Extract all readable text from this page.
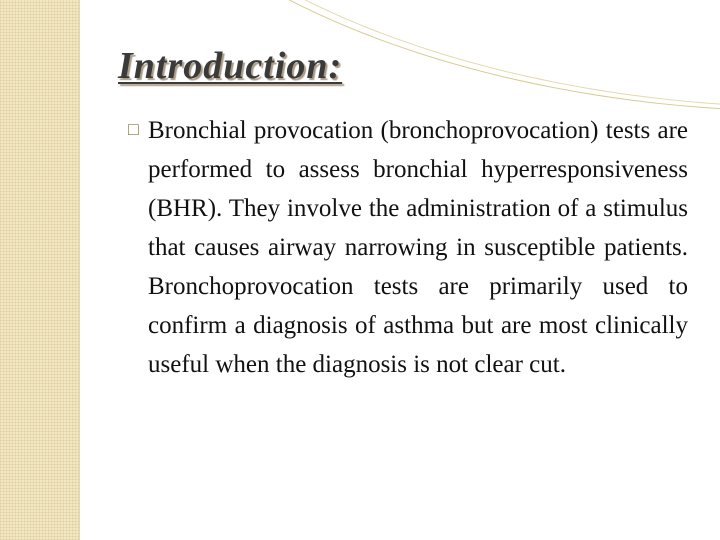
Introduction:

□ Bronchial provocation (bronchoprovocation) tests are performed to assess bronchial hyperresponsiveness (BHR). They involve the administration of a stimulus that causes airway narrowing in susceptible patients. Bronchoprovocation tests are primarily used to confirm a diagnosis of asthma but are most clinically useful when the diagnosis is not clear cut.
